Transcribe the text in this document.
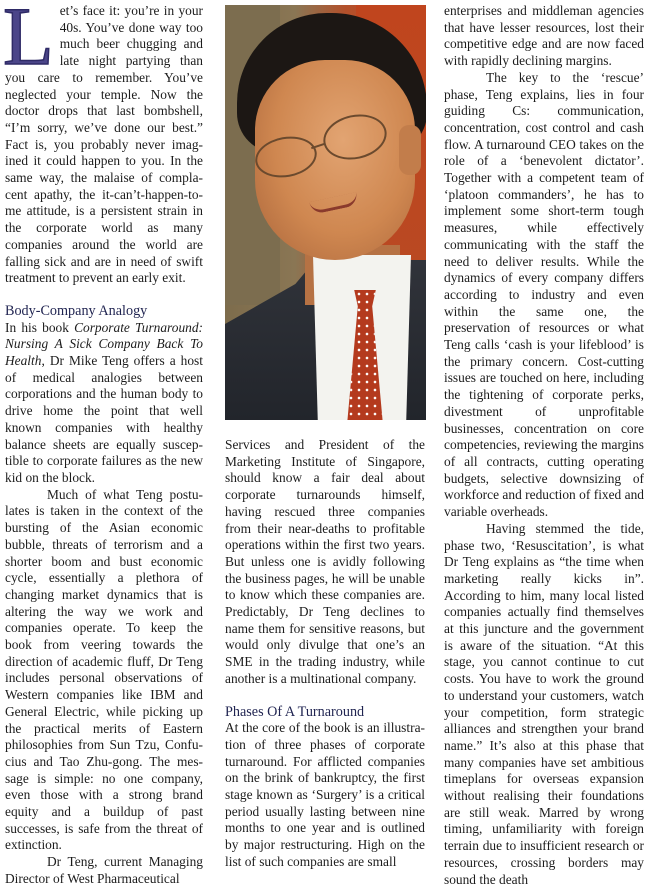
Let’s face it: you’re in your 40s. You’ve done way too much beer chugging and late night partying than you care to remember. You’ve neglected your temple. Now the doctor drops that last bombshell, “I’m sorry, we’ve done our best.” Fact is, you probably never imagined it could happen to you. In the same way, the malaise of complacent apathy, the it-can’t-happen-to-me attitude, is a persistent strain in the corporate world as many companies around the world are falling sick and are in need of swift treatment to prevent an early exit.

Body-Company Analogy

In his book Corporate Turnaround: Nursing A Sick Company Back To Health, Dr Mike Teng offers a host of medical analogies between corporations and the human body to drive home the point that well known companies with healthy balance sheets are equally susceptible to corporate failures as the new kid on the block.

Much of what Teng postulates is taken in the context of the bursting of the Asian economic bubble, threats of terrorism and a shorter boom and bust economic cycle, essentially a plethora of changing market dynamics that is altering the way we work and companies operate. To keep the book from veering towards the direction of academic fluff, Dr Teng includes personal observations of Western companies like IBM and General Electric, while picking up the practical merits of Eastern philosophies from Sun Tzu, Confucius and Tao Zhu-gong. The message is simple: no one company, even those with a strong brand equity and a buildup of past successes, is safe from the threat of extinction.

Dr Teng, current Managing Director of West Pharmaceutical

Services and President of the Marketing Institute of Singapore, should know a fair deal about corporate turnarounds himself, having rescued three companies from their near-deaths to profitable operations within the first two years. But unless one is avidly following the business pages, he will be unable to know which these companies are. Predictably, Dr Teng declines to name them for sensitive reasons, but would only divulge that one’s an SME in the trading industry, while another is a multinational company.

Phases Of A Turnaround

At the core of the book is an illustration of three phases of corporate turnaround. For afflicted companies on the brink of bankruptcy, the first stage known as ‘Surgery’ is a critical period usually lasting between nine months to one year and is outlined by major restructuring. High on the list of such companies are small

enterprises and middleman agencies that have lesser resources, lost their competitive edge and are now faced with rapidly declining margins.

The key to the ‘rescue’ phase, Teng explains, lies in four guiding Cs: communication, concentration, cost control and cash flow. A turnaround CEO takes on the role of a ‘benevolent dictator’. Together with a competent team of ‘platoon commanders’, he has to implement some short-term tough measures, while effectively communicating with the staff the need to deliver results. While the dynamics of every company differs according to industry and even within the same one, the preservation of resources or what Teng calls ‘cash is your lifeblood’ is the primary concern. Cost-cutting issues are touched on here, including the tightening of corporate perks, divestment of unprofitable businesses, concentration on core competencies, reviewing the margins of all contracts, cutting operating budgets, selective downsizing of workforce and reduction of fixed and variable overheads.

Having stemmed the tide, phase two, ‘Resuscitation’, is what Dr Teng explains as “the time when marketing really kicks in”. According to him, many local listed companies actually find themselves at this juncture and the government is aware of the situation. “At this stage, you cannot continue to cut costs. You have to work the ground to understand your customers, watch your competition, form strategic alliances and strengthen your brand name.” It’s also at this phase that many companies have set ambitious timeplans for overseas expansion without realising their foundations are still weak. Marred by wrong timing, unfamiliarity with foreign terrain due to insufficient research or resources, crossing borders may sound the death
